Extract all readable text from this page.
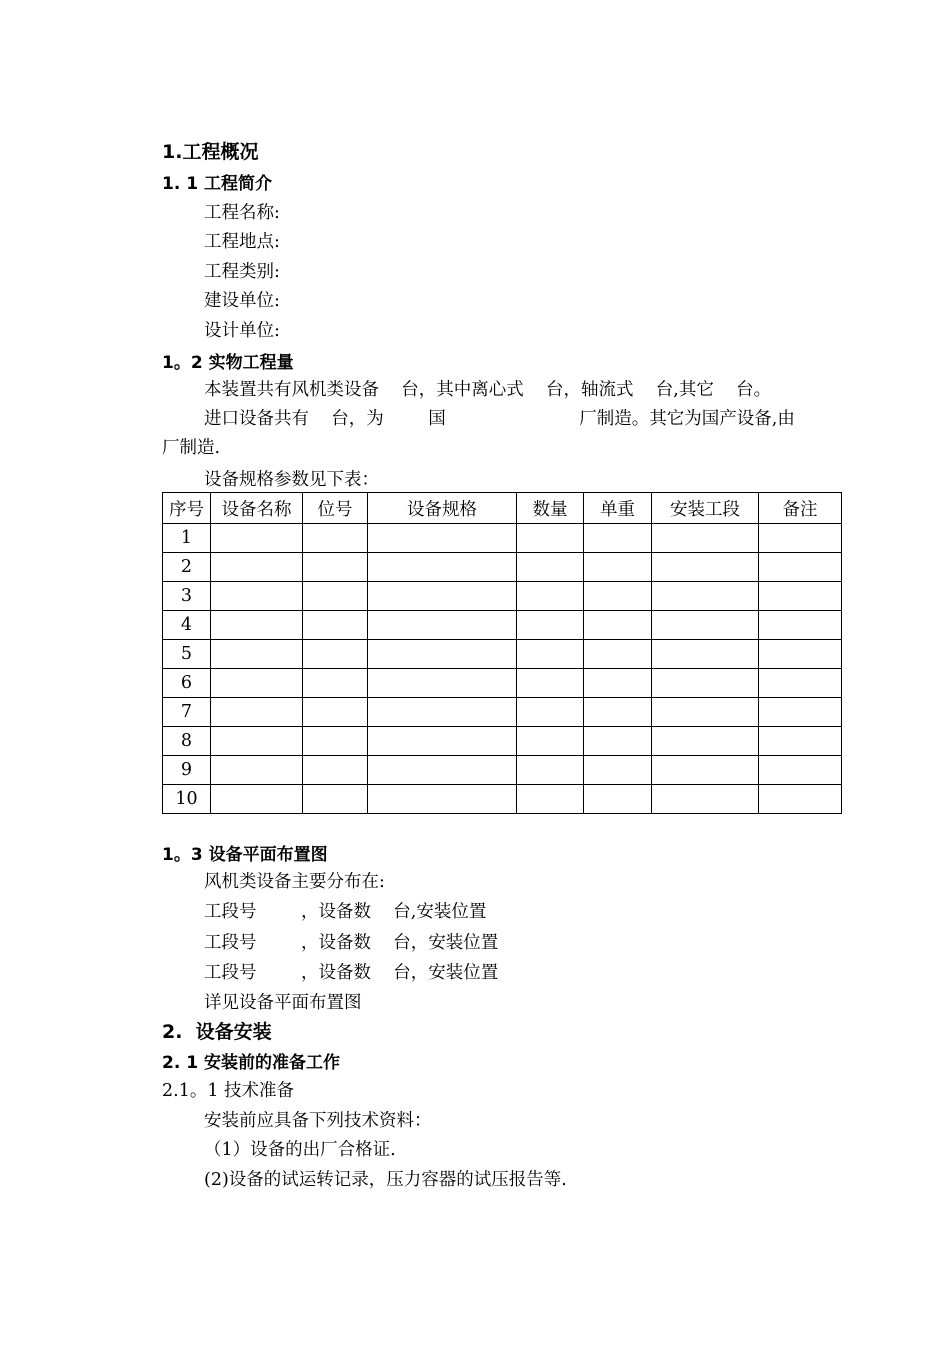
1.工程概况
1. 1 工程简介
工程名称:
工程地点:
工程类别:
建设单位:
设计单位:
1。2 实物工程量
本装置共有风机类设备    台，其中离心式    台，轴流式    台,其它    台。
进口设备共有    台，为        国                        厂制造。其它为国产设备,由
厂制造.
设备规格参数见下表：
序号	设备名称	位号	设备规格	数量	单重	安装工段	备注
1							
2							
3							
4							
5							
6							
7							
8							
9							
10							
1。3 设备平面布置图
风机类设备主要分布在:
工段号        ，设备数    台,安装位置
工段号        ，设备数    台，安装位置
工段号        ，设备数    台，安装位置
详见设备平面布置图
2.  设备安装
2. 1 安装前的准备工作
2.1。1 技术准备
安装前应具备下列技术资料：
（1）设备的出厂合格证.
(2)设备的试运转记录，压力容器的试压报告等.
